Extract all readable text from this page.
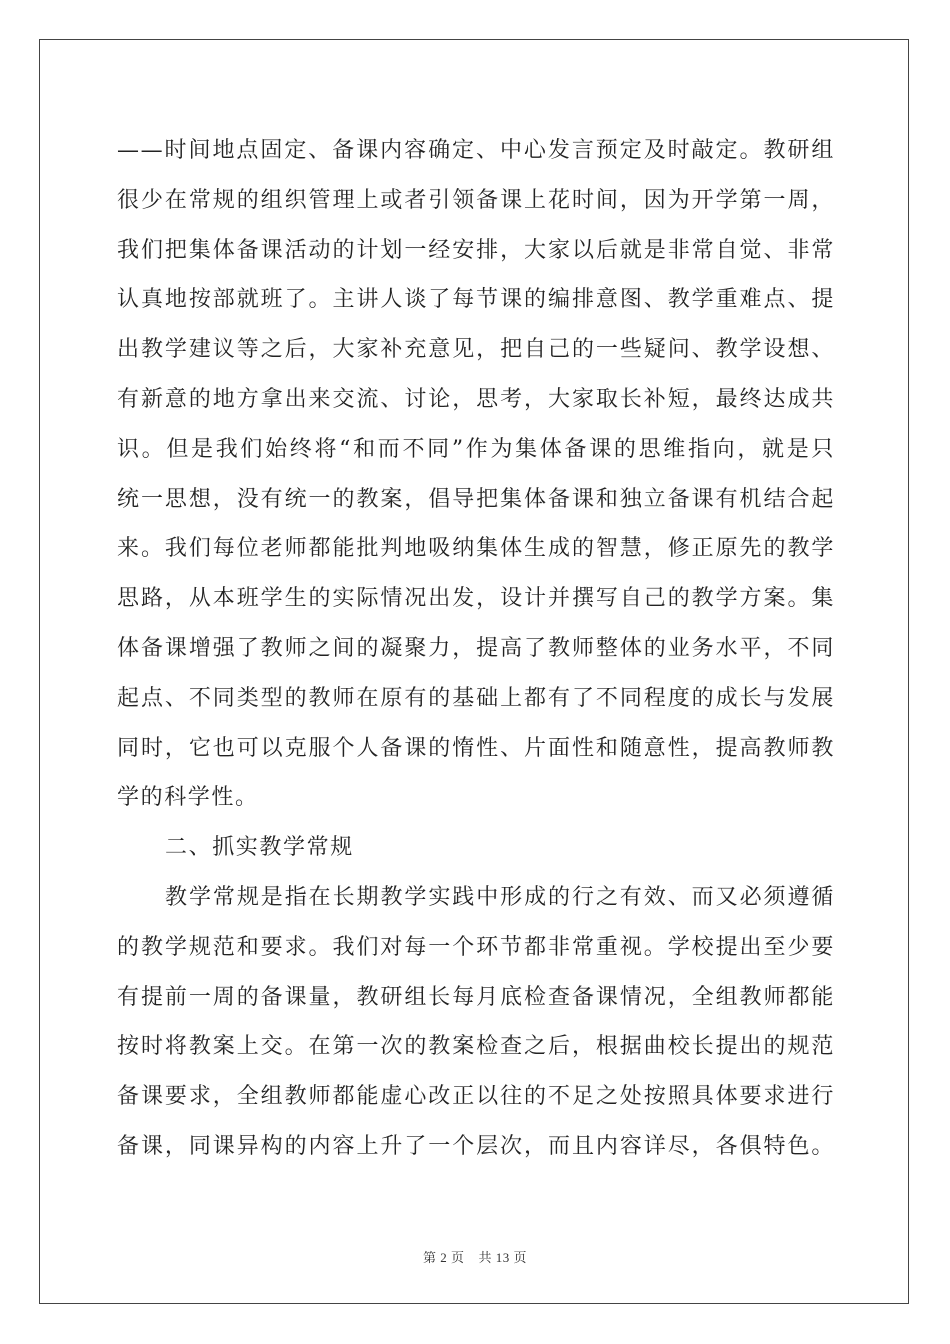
——时间地点固定、备课内容确定、中心发言预定及时敲定。教研组
很少在常规的组织管理上或者引领备课上花时间，因为开学第一周，
我们把集体备课活动的计划一经安排，大家以后就是非常自觉、非常
认真地按部就班了。主讲人谈了每节课的编排意图、教学重难点、提
出教学建议等之后，大家补充意见，把自己的一些疑问、教学设想、
有新意的地方拿出来交流、讨论，思考，大家取长补短，最终达成共
识。但是我们始终将“和而不同”作为集体备课的思维指向，就是只
统一思想，没有统一的教案，倡导把集体备课和独立备课有机结合起
来。我们每位老师都能批判地吸纳集体生成的智慧，修正原先的教学
思路，从本班学生的实际情况出发，设计并撰写自己的教学方案。集
体备课增强了教师之间的凝聚力，提高了教师整体的业务水平，不同
起点、不同类型的教师在原有的基础上都有了不同程度的成长与发展
同时，它也可以克服个人备课的惰性、片面性和随意性，提高教师教
学的科学性。
二、抓实教学常规
教学常规是指在长期教学实践中形成的行之有效、而又必须遵循
的教学规范和要求。我们对每一个环节都非常重视。学校提出至少要
有提前一周的备课量，教研组长每月底检查备课情况，全组教师都能
按时将教案上交。在第一次的教案检查之后，根据曲校长提出的规范
备课要求，全组教师都能虚心改正以往的不足之处按照具体要求进行
备课，同课异构的内容上升了一个层次，而且内容详尽，各俱特色。
第 2 页 共 13 页
